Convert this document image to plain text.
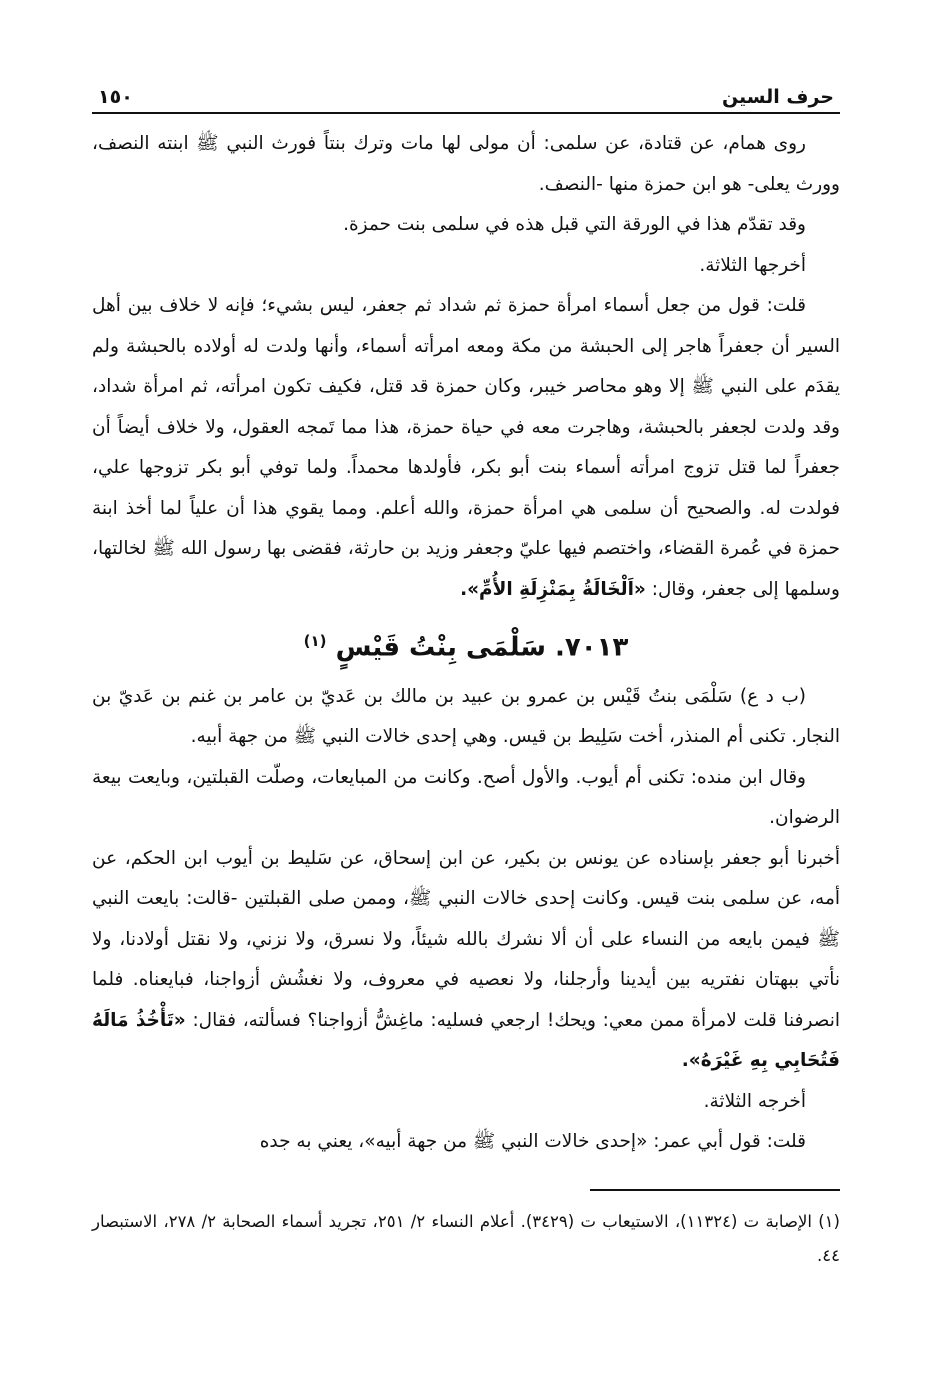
حرف السين
١٥٠

روى همام، عن قتادة، عن سلمى: أن مولى لها مات وترك بنتاً فورث النبي ﷺ ابنته النصف، وورث يعلى- هو ابن حمزة منها -النصف.

وقد تقدّم هذا في الورقة التي قبل هذه في سلمى بنت حمزة.

أخرجها الثلاثة.

قلت: قول من جعل أسماء امرأة حمزة ثم شداد ثم جعفر، ليس بشيء؛ فإنه لا خلاف بين أهل السير أن جعفراً هاجر إلى الحبشة من مكة ومعه امرأته أسماء، وأنها ولدت له أولاده بالحبشة ولم يقدَم على النبي ﷺ إلا وهو محاصر خيبر، وكان حمزة قد قتل، فكيف تكون امرأته، ثم امرأة شداد، وقد ولدت لجعفر بالحبشة، وهاجرت معه في حياة حمزة، هذا مما تَمجه العقول، ولا خلاف أيضاً أن جعفراً لما قتل تزوج امرأته أسماء بنت أبو بكر، فأولدها محمداً. ولما توفي أبو بكر تزوجها علي، فولدت له. والصحيح أن سلمى هي امرأة حمزة، والله أعلم. ومما يقوي هذا أن علياً لما أخذ ابنة حمزة في عُمرة القضاء، واختصم فيها عليّ وجعفر وزيد بن حارثة، فقضى بها رسول الله ﷺ لخالتها، وسلمها إلى جعفر، وقال: «اَلْخَالَةُ بِمَنْزِلَةِ الأُمِّ».

٧٠١٣. سَلْمَى بِنْتُ قَيْسٍ $^{(١)}$

(ب د ع) سَلْمَى بنتُ قَيْس بن عمرو بن عبيد بن مالك بن عَديّ بن عامر بن غنم بن عَديّ بن النجار. تكنى أم المنذر، أخت سَلِيط بن قيس. وهي إحدى خالات النبي ﷺ من جهة أبيه.

وقال ابن منده: تكنى أم أيوب. والأول أصح. وكانت من المبايعات، وصلّت القبلتين، وبايعت بيعة الرضوان.

أخبرنا أبو جعفر بإسناده عن يونس بن بكير، عن ابن إسحاق، عن سَليط بن أيوب ابن الحكم، عن أمه، عن سلمى بنت قيس. وكانت إحدى خالات النبي ﷺ، وممن صلى القبلتين -قالت: بايعت النبي ﷺ فيمن بايعه من النساء على أن ألا نشرك بالله شيئاً، ولا نسرق، ولا نزني، ولا نقتل أولادنا، ولا نأتي ببهتان نفتريه بين أيدينا وأرجلنا، ولا نعصيه في معروف، ولا نغشُش أزواجنا، فبايعناه. فلما انصرفنا قلت لامرأة ممن معي: ويحك! ارجعي فسليه: ماغِشُّ أزواجنا؟ فسألته، فقال: «تَأْخُذُ مَالَهُ فَتُحَابِي بِهِ غَيْرَهُ».

أخرجه الثلاثة.

قلت: قول أبي عمر: «إحدى خالات النبي ﷺ من جهة أبيه»، يعني به جده

(١) الإصابة ت (١١٣٢٤)، الاستيعاب ت (٣٤٢٩). أعلام النساء ٢/ ٢٥١، تجريد أسماء الصحابة ٢/ ٢٧٨، الاستبصار ٤٤.
